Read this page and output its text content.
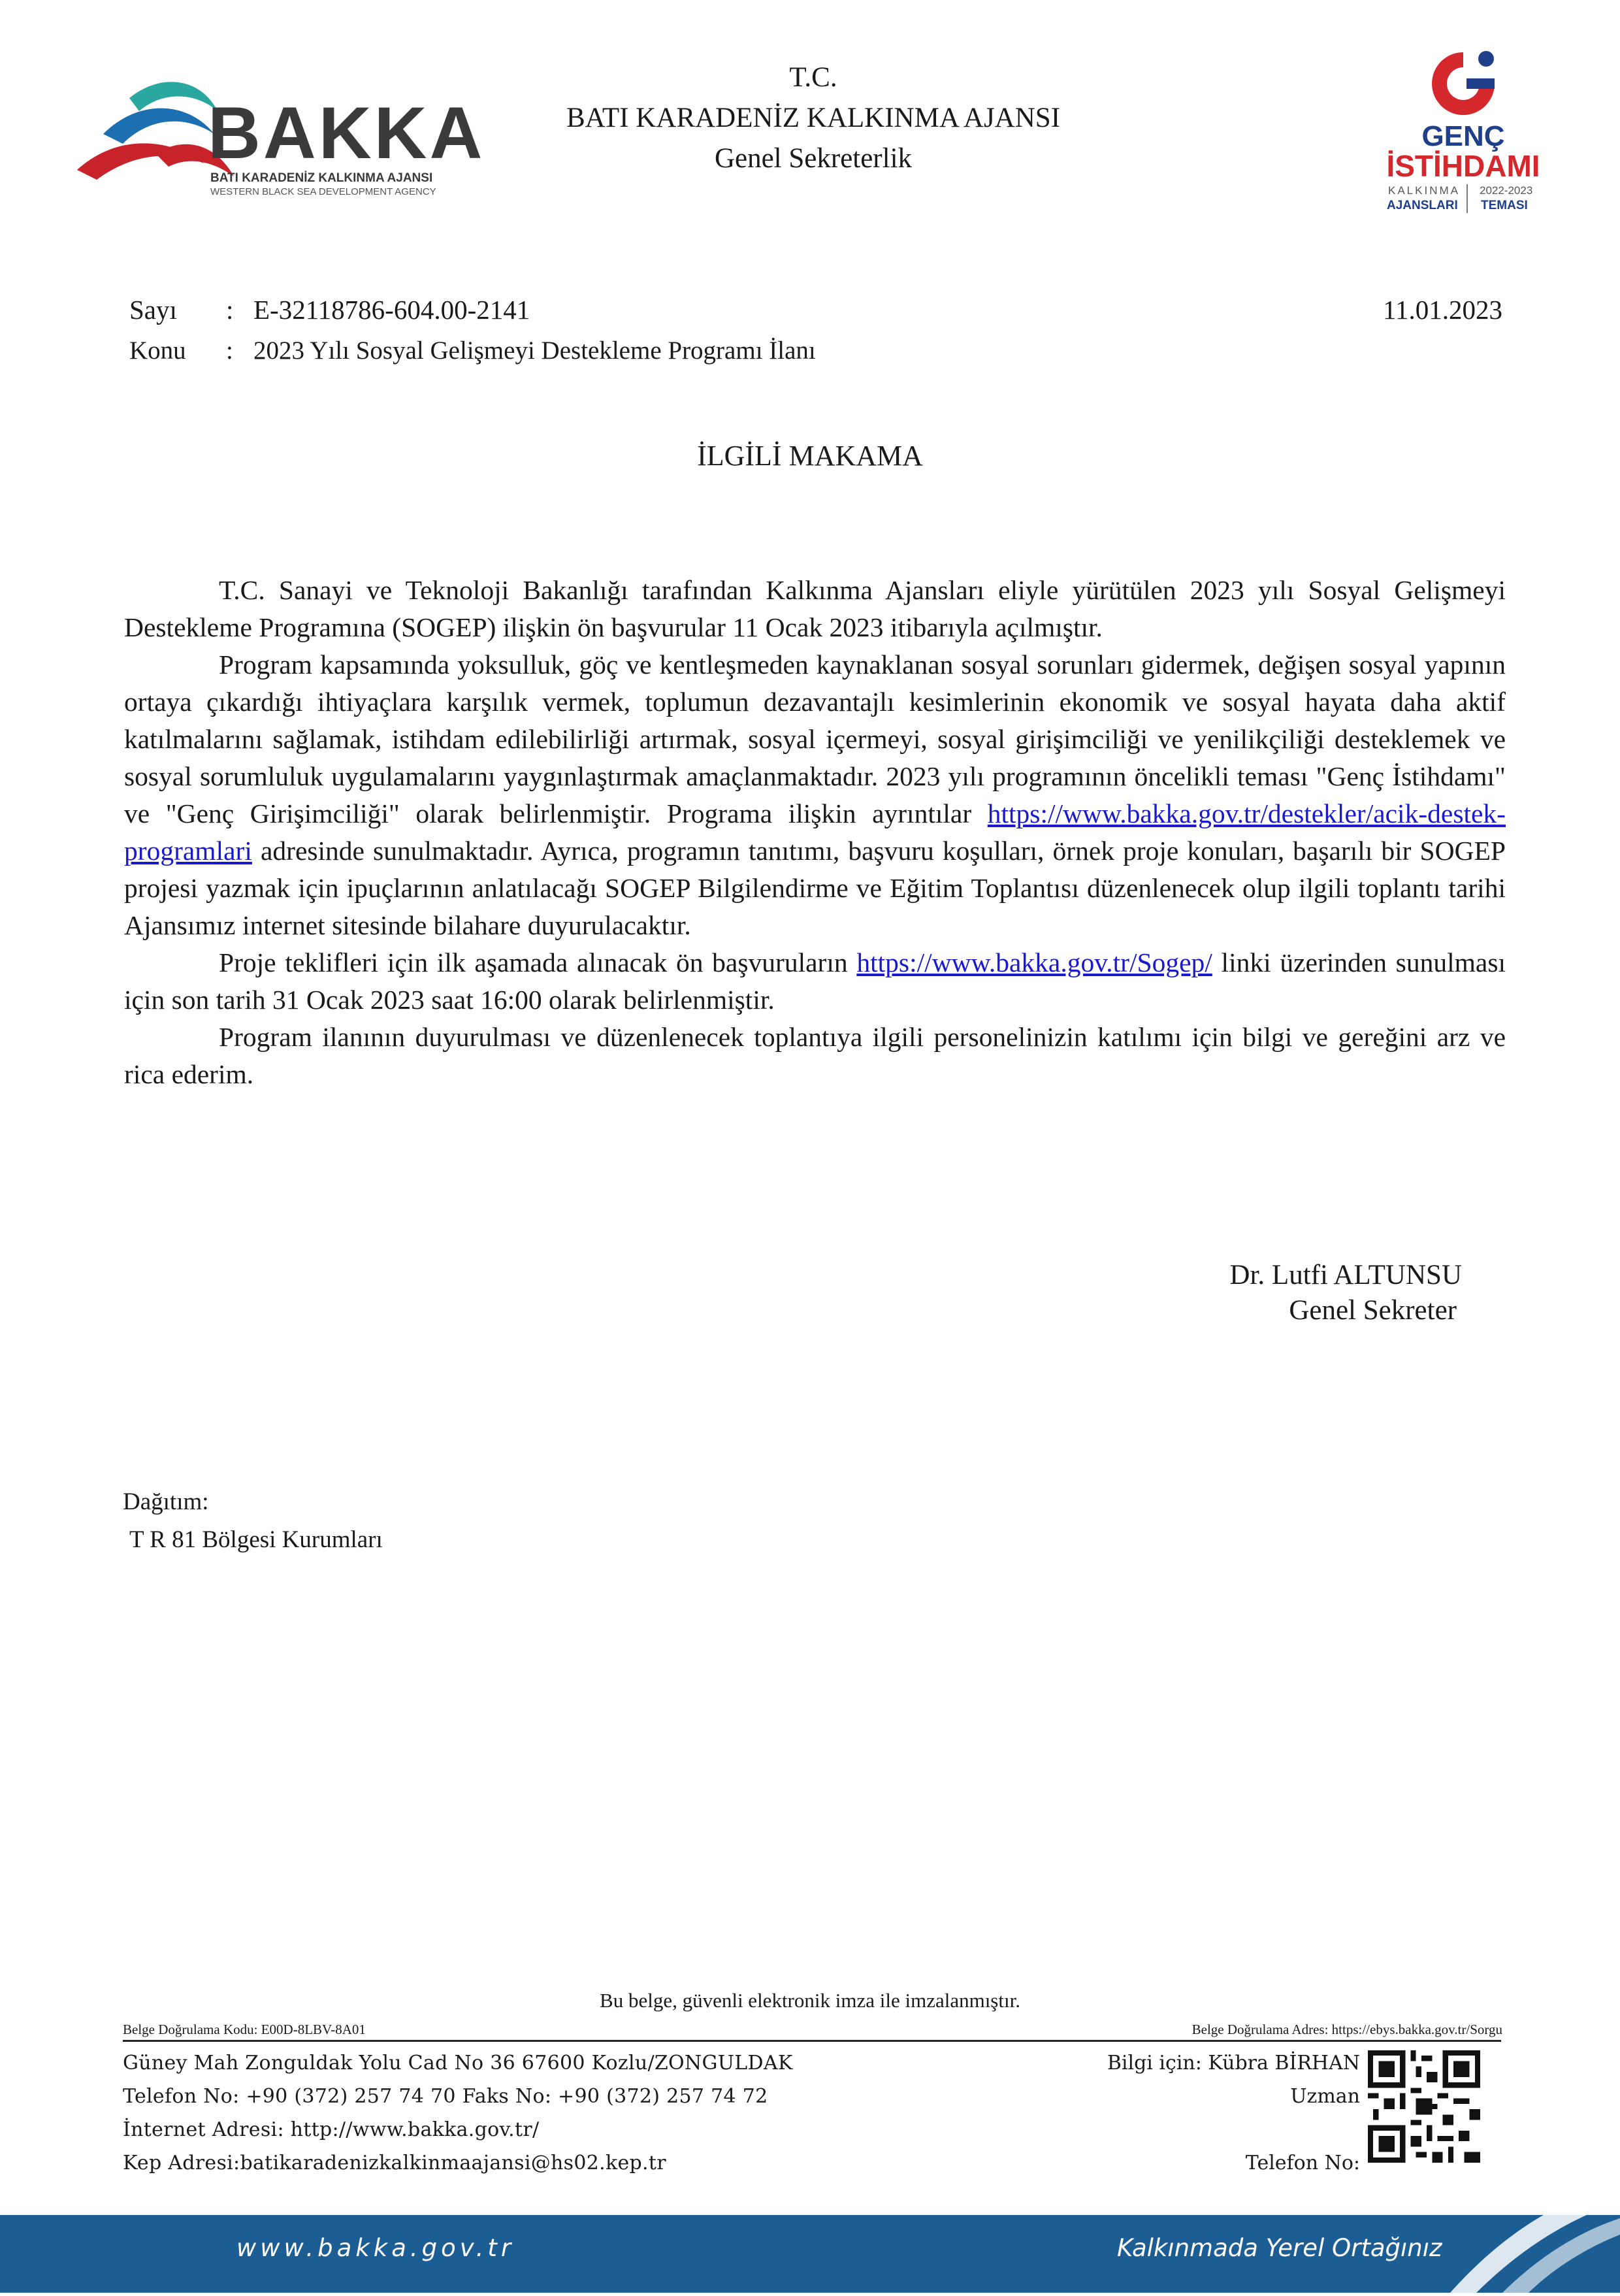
BAKKA
BATI KARADENİZ KALKINMA AJANSI
WESTERN BLACK SEA DEVELOPMENT AGENCY
T.C.
BATI KARADENİZ KALKINMA AJANSI
Genel Sekreterlik
GENÇ
İSTİHDAMI
KALKINMA
AJANSLARI
2022-2023
TEMASI
Sayı	: E-32118786-604.00-2141	11.01.2023
Konu	: 2023 Yılı Sosyal Gelişmeyi Destekleme Programı İlanı
İLGİLİ MAKAMA

T.C. Sanayi ve Teknoloji Bakanlığı tarafından Kalkınma Ajansları eliyle yürütülen 2023 yılı Sosyal Gelişmeyi Destekleme Programına (SOGEP) ilişkin ön başvurular 11 Ocak 2023 itibarıyla açılmıştır.

Program kapsamında yoksulluk, göç ve kentleşmeden kaynaklanan sosyal sorunları gidermek, değişen sosyal yapının ortaya çıkardığı ihtiyaçlara karşılık vermek, toplumun dezavantajlı kesimlerinin ekonomik ve sosyal hayata daha aktif katılmalarını sağlamak, istihdam edilebilirliği artırmak, sosyal içermeyi, sosyal girişimciliği ve yenilikçiliği desteklemek ve sosyal sorumluluk uygulamalarını yaygınlaştırmak amaçlanmaktadır. 2023 yılı programının öncelikli teması "Genç İstihdamı" ve "Genç Girişimciliği" olarak belirlenmiştir. Programa ilişkin ayrıntılar https://www.bakka.gov.tr/destekler/acik-destek-programlari adresinde sunulmaktadır. Ayrıca, programın tanıtımı, başvuru koşulları, örnek proje konuları, başarılı bir SOGEP projesi yazmak için ipuçlarının anlatılacağı SOGEP Bilgilendirme ve Eğitim Toplantısı düzenlenecek olup ilgili toplantı tarihi Ajansımız internet sitesinde bilahare duyurulacaktır.

Proje teklifleri için ilk aşamada alınacak ön başvuruların https://www.bakka.gov.tr/Sogep/ linki üzerinden sunulması için son tarih 31 Ocak 2023 saat 16:00 olarak belirlenmiştir.

Program ilanının duyurulması ve düzenlenecek toplantıya ilgili personelinizin katılımı için bilgi ve gereğini arz ve rica ederim.

Dr. Lutfi ALTUNSU
Genel Sekreter
Dağıtım:
T R 81 Bölgesi Kurumları
Bu belge, güvenli elektronik imza ile imzalanmıştır.
Belge Doğrulama Kodu: E00D-8LBV-8A01	Belge Doğrulama Adres: https://ebys.bakka.gov.tr/Sorgu
Güney Mah Zonguldak Yolu Cad No 36 67600 Kozlu/ZONGULDAK
Telefon No: +90 (372) 257 74 70 Faks No: +90 (372) 257 74 72
İnternet Adresi: http://www.bakka.gov.tr/
Kep Adresi:batikaradenizkalkinmaajansi@hs02.kep.tr
Bilgi için: Kübra BİRHAN
Uzman
Telefon No:
www.bakka.gov.tr	Kalkınmada Yerel Ortağınız
